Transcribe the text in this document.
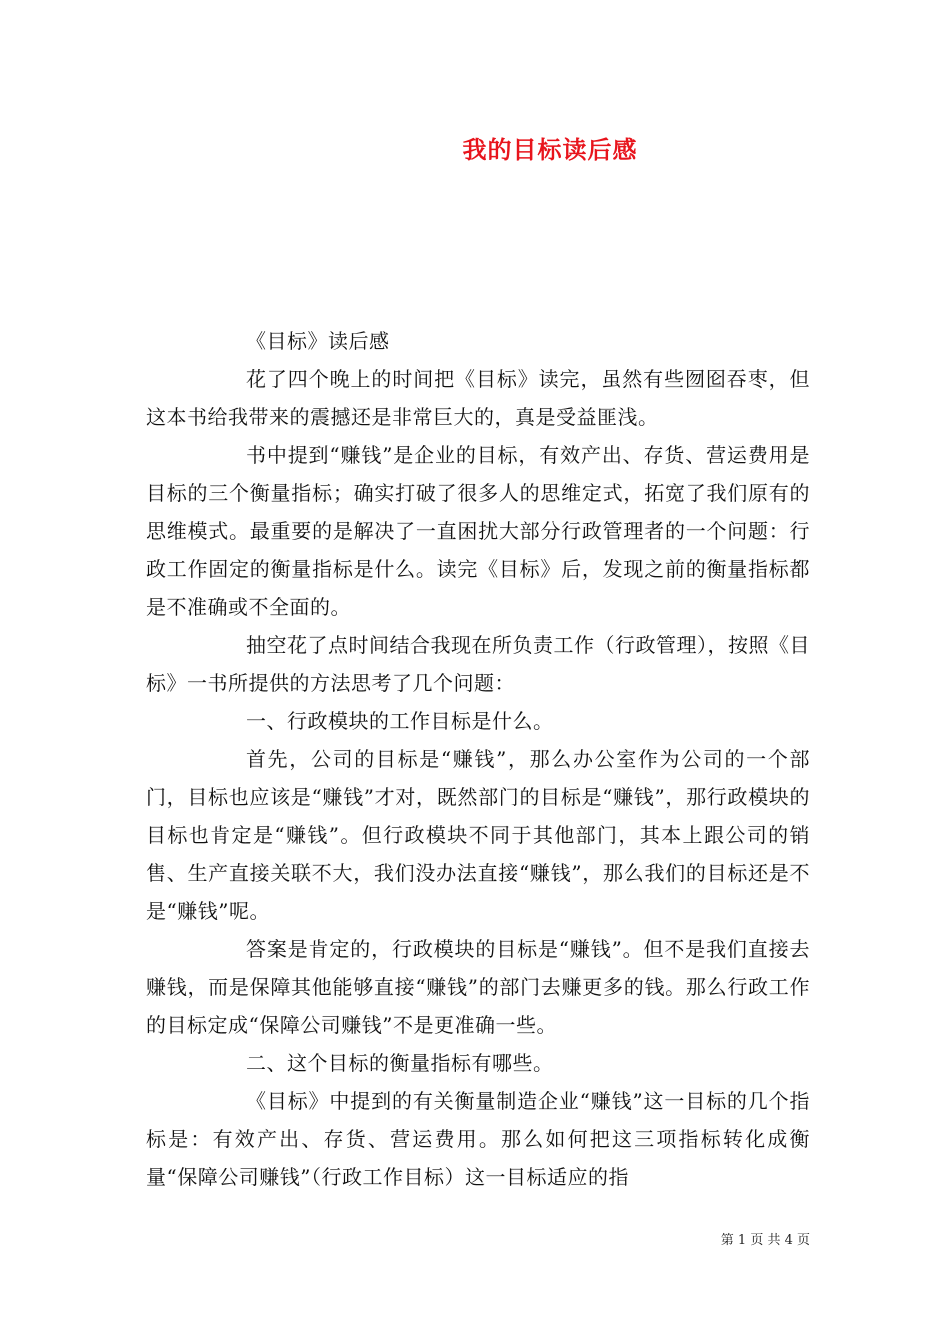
我的目标读后感

《目标》读后感

花了四个晚上的时间把《目标》读完，虽然有些囫囵吞枣，但这本书给我带来的震撼还是非常巨大的，真是受益匪浅。

书中提到“赚钱”是企业的目标，有效产出、存货、营运费用是目标的三个衡量指标；确实打破了很多人的思维定式，拓宽了我们原有的思维模式。最重要的是解决了一直困扰大部分行政管理者的一个问题：行政工作固定的衡量指标是什么。读完《目标》后，发现之前的衡量指标都是不准确或不全面的。

抽空花了点时间结合我现在所负责工作（行政管理），按照《目标》一书所提供的方法思考了几个问题：

一、行政模块的工作目标是什么。

首先，公司的目标是“赚钱”，那么办公室作为公司的一个部门，目标也应该是“赚钱”才对，既然部门的目标是“赚钱”，那行政模块的目标也肯定是“赚钱”。但行政模块不同于其他部门，其本上跟公司的销售、生产直接关联不大，我们没办法直接“赚钱”，那么我们的目标还是不是“赚钱”呢。

答案是肯定的，行政模块的目标是“赚钱”。但不是我们直接去赚钱，而是保障其他能够直接“赚钱”的部门去赚更多的钱。那么行政工作的目标定成“保障公司赚钱”不是更准确一些。

二、这个目标的衡量指标有哪些。

《目标》中提到的有关衡量制造企业“赚钱”这一目标的几个指标是：有效产出、存货、营运费用。那么如何把这三项指标转化成衡量“保障公司赚钱”（行政工作目标）这一目标适应的指

第 1 页 共 4 页
